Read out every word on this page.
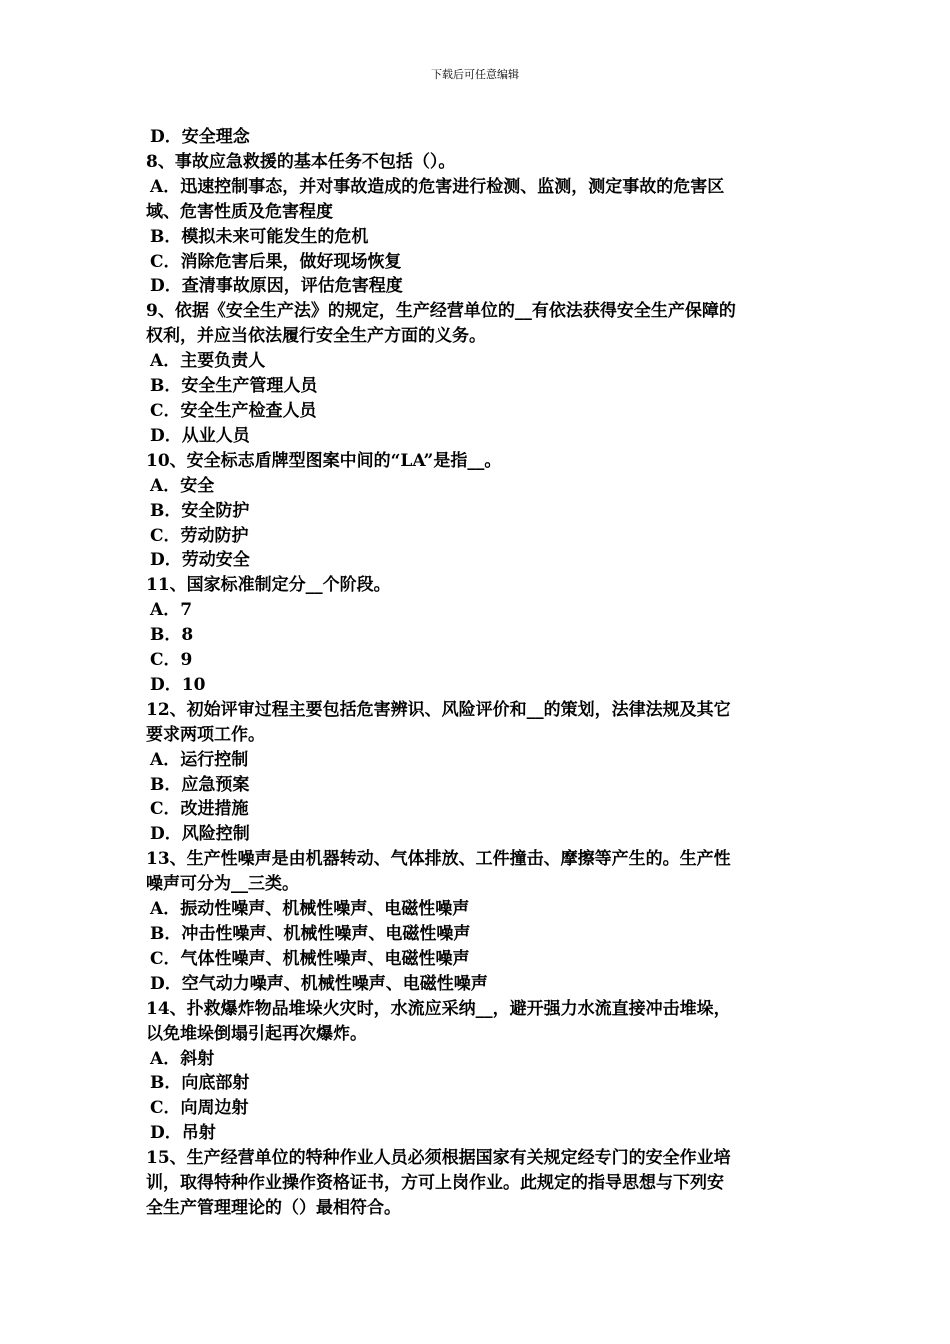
下载后可任意编辑
D．安全理念
8、事故应急救援的基本任务不包括（）。
A．迅速控制事态，并对事故造成的危害进行检测、监测，测定事故的危害区
域、危害性质及危害程度
B．模拟未来可能发生的危机
C．消除危害后果，做好现场恢复
D．查清事故原因，评估危害程度
9、依据《安全生产法》的规定，生产经营单位的__有依法获得安全生产保障的
权利，并应当依法履行安全生产方面的义务。
A．主要负责人
B．安全生产管理人员
C．安全生产检查人员
D．从业人员
10、安全标志盾牌型图案中间的“LA”是指__。
A．安全
B．安全防护
C．劳动防护
D．劳动安全
11、国家标准制定分__个阶段。
A．7
B．8
C．9
D．10
12、初始评审过程主要包括危害辨识、风险评价和__的策划，法律法规及其它
要求两项工作。
A．运行控制
B．应急预案
C．改进措施
D．风险控制
13、生产性噪声是由机器转动、气体排放、工件撞击、摩擦等产生的。生产性
噪声可分为__三类。
A．振动性噪声、机械性噪声、电磁性噪声
B．冲击性噪声、机械性噪声、电磁性噪声
C．气体性噪声、机械性噪声、电磁性噪声
D．空气动力噪声、机械性噪声、电磁性噪声
14、扑救爆炸物品堆垛火灾时，水流应采纳__，避开强力水流直接冲击堆垛，
以免堆垛倒塌引起再次爆炸。
A．斜射
B．向底部射
C．向周边射
D．吊射
15、生产经营单位的特种作业人员必须根据国家有关规定经专门的安全作业培
训，取得特种作业操作资格证书，方可上岗作业。此规定的指导思想与下列安
全生产管理理论的（）最相符合。
